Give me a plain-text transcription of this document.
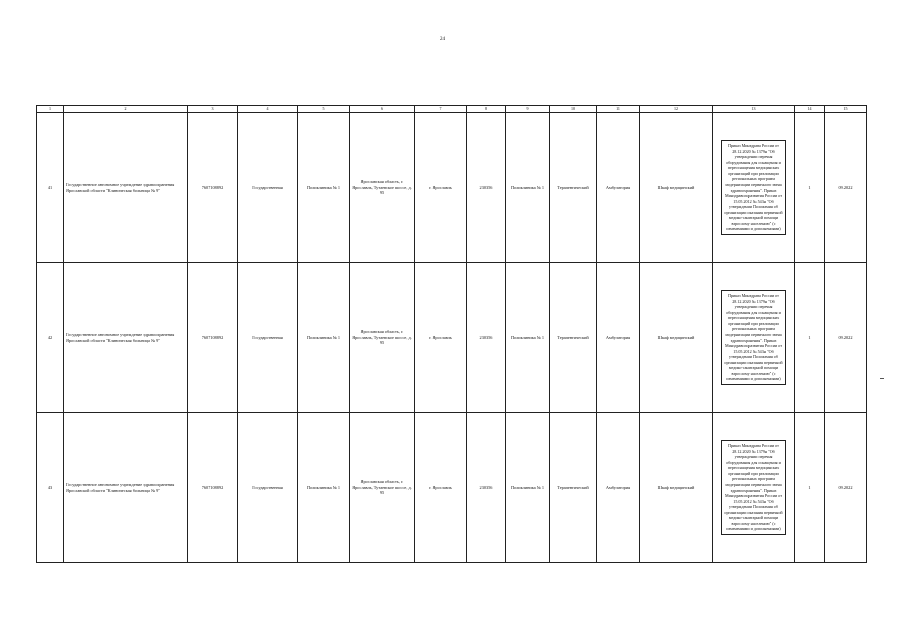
24
1	2	3	4	5	6	7	8	9	10	11	12	13	14	15
41	Государственное автономное учреждение здравоохранения Ярославской области "Клиническая больница № 9"	7607108892	Государственная	Поликлиника № 1	Ярославская область, г. Ярославль, Тутаевское шоссе, д. 95	г. Ярославль	230356	Поликлиника № 1	Терапевтический	Амбулатория	Шкаф медицинский	Приказ Минздрава России от 28.12.2020 № 1379н "Об утверждении перечня оборудования для оснащения и переоснащения медицинских организаций при реализации региональных программ модернизации первичного звена здравоохранения". Приказ Минздравсоцразвития России от 15.05.2012 № 543н "Об утверждении Положения об организации оказания первичной медико-санитарной помощи взрослому населению" (с изменениями и дополнениями)	1	09.2022
42	Государственное автономное учреждение здравоохранения Ярославской области "Клиническая больница № 9"	7607108892	Государственная	Поликлиника № 1	Ярославская область, г. Ярославль, Тутаевское шоссе, д. 95	г. Ярославль	230356	Поликлиника № 1	Терапевтический	Амбулатория	Шкаф медицинский	Приказ Минздрава России от 28.12.2020 № 1379н "Об утверждении перечня оборудования для оснащения и переоснащения медицинских организаций при реализации региональных программ модернизации первичного звена здравоохранения". Приказ Минздравсоцразвития России от 15.05.2012 № 543н "Об утверждении Положения об организации оказания первичной медико-санитарной помощи взрослому населению" (с изменениями и дополнениями)	1	09.2022
43	Государственное автономное учреждение здравоохранения Ярославской области "Клиническая больница № 9"	7607108892	Государственная	Поликлиника № 1	Ярославская область, г. Ярославль, Тутаевское шоссе, д. 95	г. Ярославль	230356	Поликлиника № 1	Терапевтический	Амбулатория	Шкаф медицинский	Приказ Минздрава России от 28.12.2020 № 1379н "Об утверждении перечня оборудования для оснащения и переоснащения медицинских организаций при реализации региональных программ модернизации первичного звена здравоохранения". Приказ Минздравсоцразвития России от 15.05.2012 № 543н "Об утверждении Положения об организации оказания первичной медико-санитарной помощи взрослому населению" (с изменениями и дополнениями)	1	09.2022
